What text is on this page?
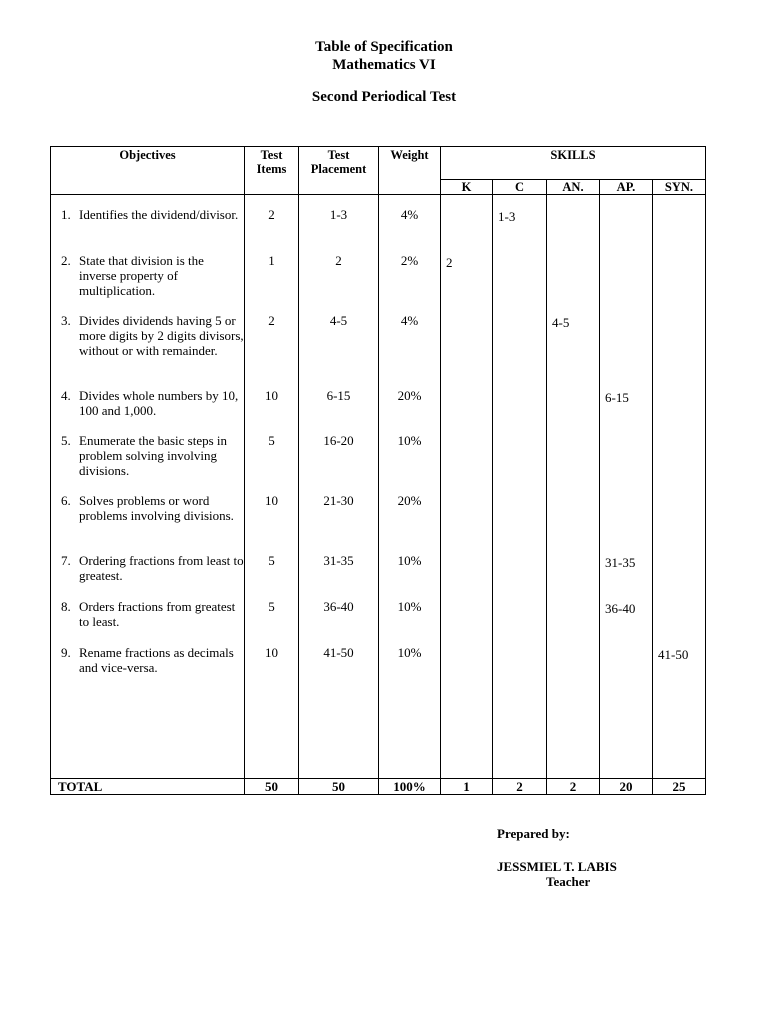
Table of Specification
Mathematics VI
Second Periodical Test
Objectives	Test Items	Test Placement	Weight	SKILLS				
				K	C	AN.	AP.	SYN.

1. Identifies the dividend/divisor.	2	1-3	4%		1-3			

2. State that division is the inverse property of multiplication.	1	2	2%	2				

3. Divides dividends having 5 or more digits by 2 digits divisors, without or with remainder.	2	4-5	4%			4-5		

4. Divides whole numbers by 10, 100 and 1,000.	10	6-15	20%				6-15	

5. Enumerate the basic steps in problem solving involving divisions.	5	16-20	10%					

6. Solves problems or word problems involving divisions.	10	21-30	20%					

7. Ordering fractions from least to greatest.	5	31-35	10%				31-35	

8. Orders fractions from greatest to least.	5	36-40	10%				36-40	

9. Rename fractions as decimals and vice-versa.	10	41-50	10%					41-50
TOTAL	50	50	100%	1	2	2	20	25
Prepared by:
JESSMIEL T. LABIS
Teacher
